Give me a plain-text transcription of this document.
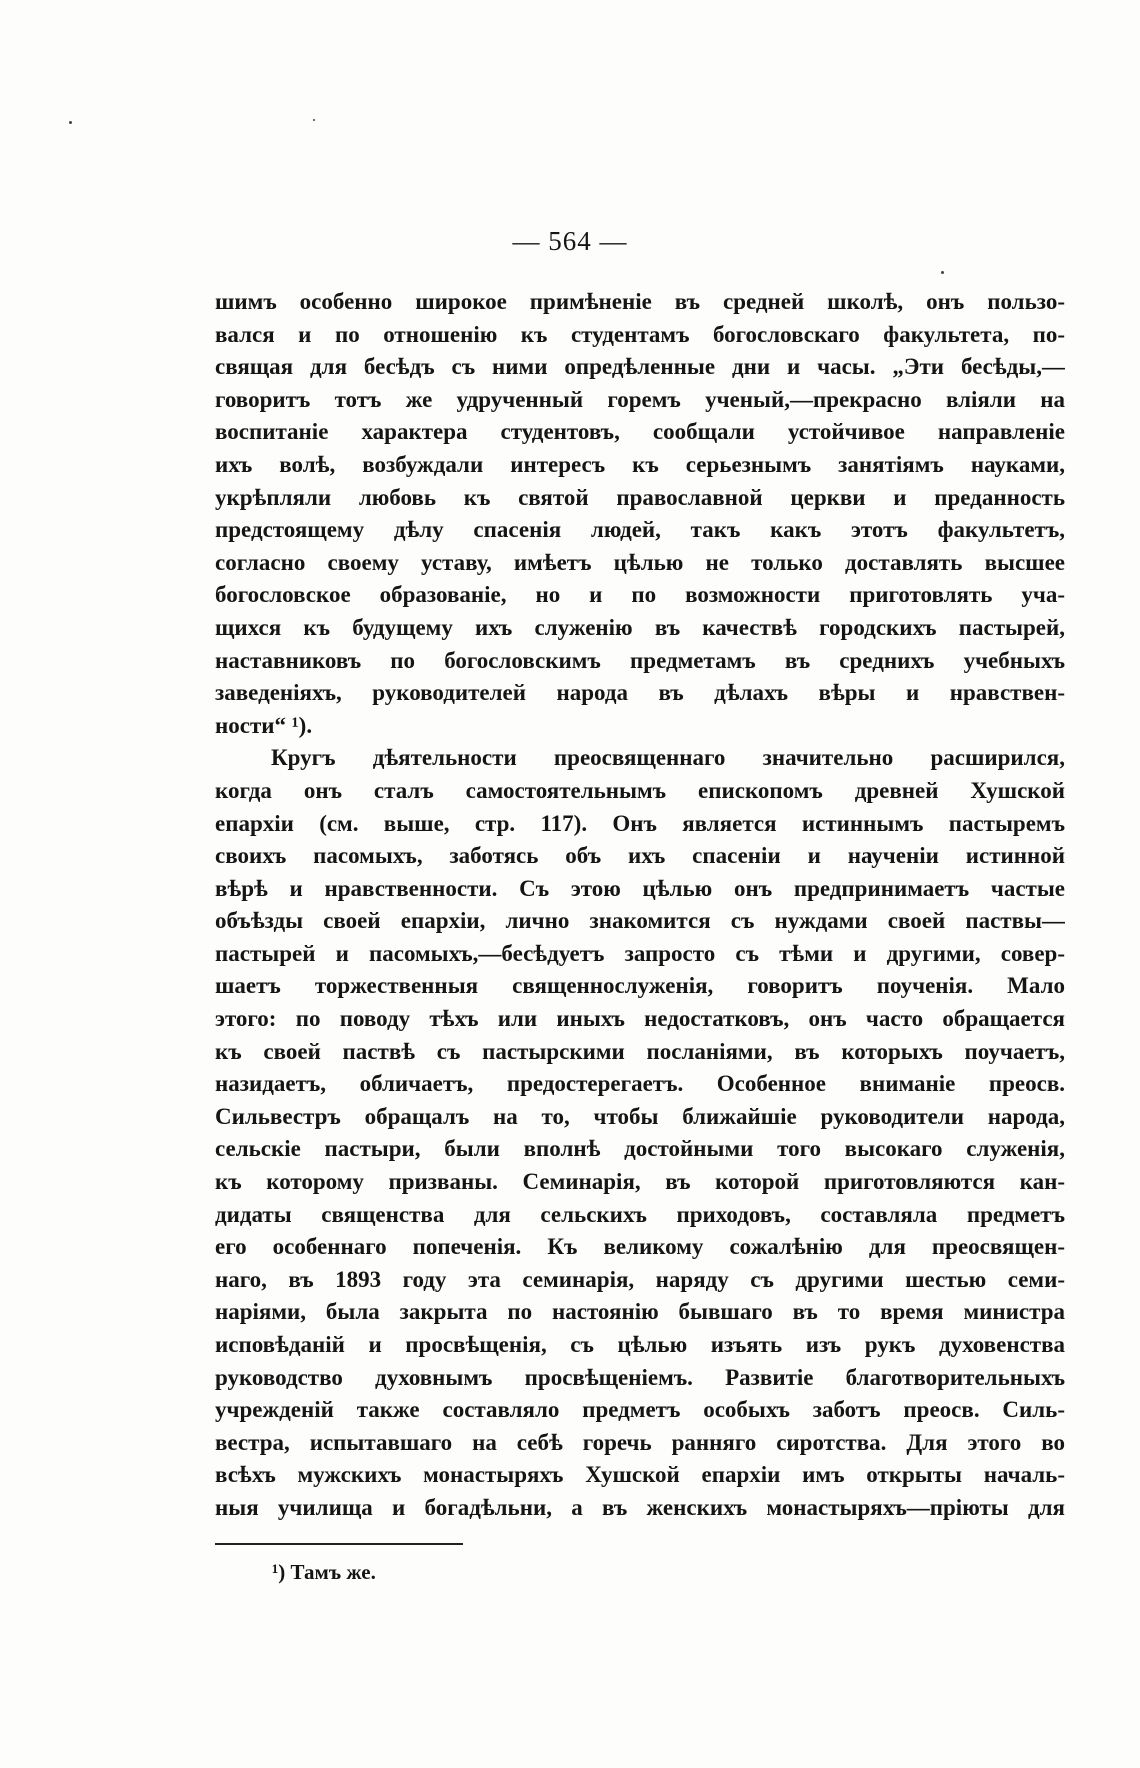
— 564 —
шимъ особенно широкое примѣненіе въ средней школѣ, онъ пользо-
вался и по отношенію къ студентамъ богословскаго факультета, по-
свящая для бесѣдъ съ ними опредѣленные дни и часы. „Эти бесѣды,—
говоритъ тотъ же удрученный горемъ ученый,—прекрасно вліяли на
воспитаніе характера студентовъ, сообщали устойчивое направленіе
ихъ волѣ, возбуждали интересъ къ серьезнымъ занятіямъ науками,
укрѣпляли любовь къ святой православной церкви и преданность
предстоящему дѣлу спасенія людей, такъ какъ этотъ факультетъ,
согласно своему уставу, имѣетъ цѣлью не только доставлять высшее
богословское образованіе, но и по возможности приготовлять уча-
щихся къ будущему ихъ служенію въ качествѣ городскихъ пастырей,
наставниковъ по богословскимъ предметамъ въ среднихъ учебныхъ
заведеніяхъ, руководителей народа въ дѣлахъ вѣры и нравствен-
ности“ ¹).
Кругъ дѣятельности преосвященнаго значительно расширился,
когда онъ сталъ самостоятельнымъ епископомъ древней Хушской
епархіи (см. выше, стр. 117). Онъ является истиннымъ пастыремъ
своихъ пасомыхъ, заботясь объ ихъ спасеніи и наученіи истинной
вѣрѣ и нравственности. Съ этою цѣлью онъ предпринимаетъ частые
объѣзды своей епархіи, лично знакомится съ нуждами своей паствы—
пастырей и пасомыхъ,—бесѣдуетъ запросто съ тѣми и другими, совер-
шаетъ торжественныя священнослуженія, говоритъ поученія. Мало
этого: по поводу тѣхъ или иныхъ недостатковъ, онъ часто обращается
къ своей паствѣ съ пастырскими посланіями, въ которыхъ поучаетъ,
назидаетъ, обличаетъ, предостерегаетъ. Особенное вниманіе преосв.
Сильвестръ обращалъ на то, чтобы ближайшіе руководители народа,
сельскіе пастыри, были вполнѣ достойными того высокаго служенія,
къ которому призваны. Семинарія, въ которой приготовляются кан-
дидаты священства для сельскихъ приходовъ, составляла предметъ
его особеннаго попеченія. Къ великому сожалѣнію для преосвящен-
наго, въ 1893 году эта семинарія, наряду съ другими шестью семи-
наріями, была закрыта по настоянію бывшаго въ то время министра
исповѣданій и просвѣщенія, съ цѣлью изъять изъ рукъ духовенства
руководство духовнымъ просвѣщеніемъ. Развитіе благотворительныхъ
учрежденій также составляло предметъ особыхъ заботъ преосв. Силь-
вестра, испытавшаго на себѣ горечь ранняго сиротства. Для этого во
всѣхъ мужскихъ монастыряхъ Хушской епархіи имъ открыты началь-
ныя училища и богадѣльни, а въ женскихъ монастыряхъ—пріюты для
¹) Тамъ же.
